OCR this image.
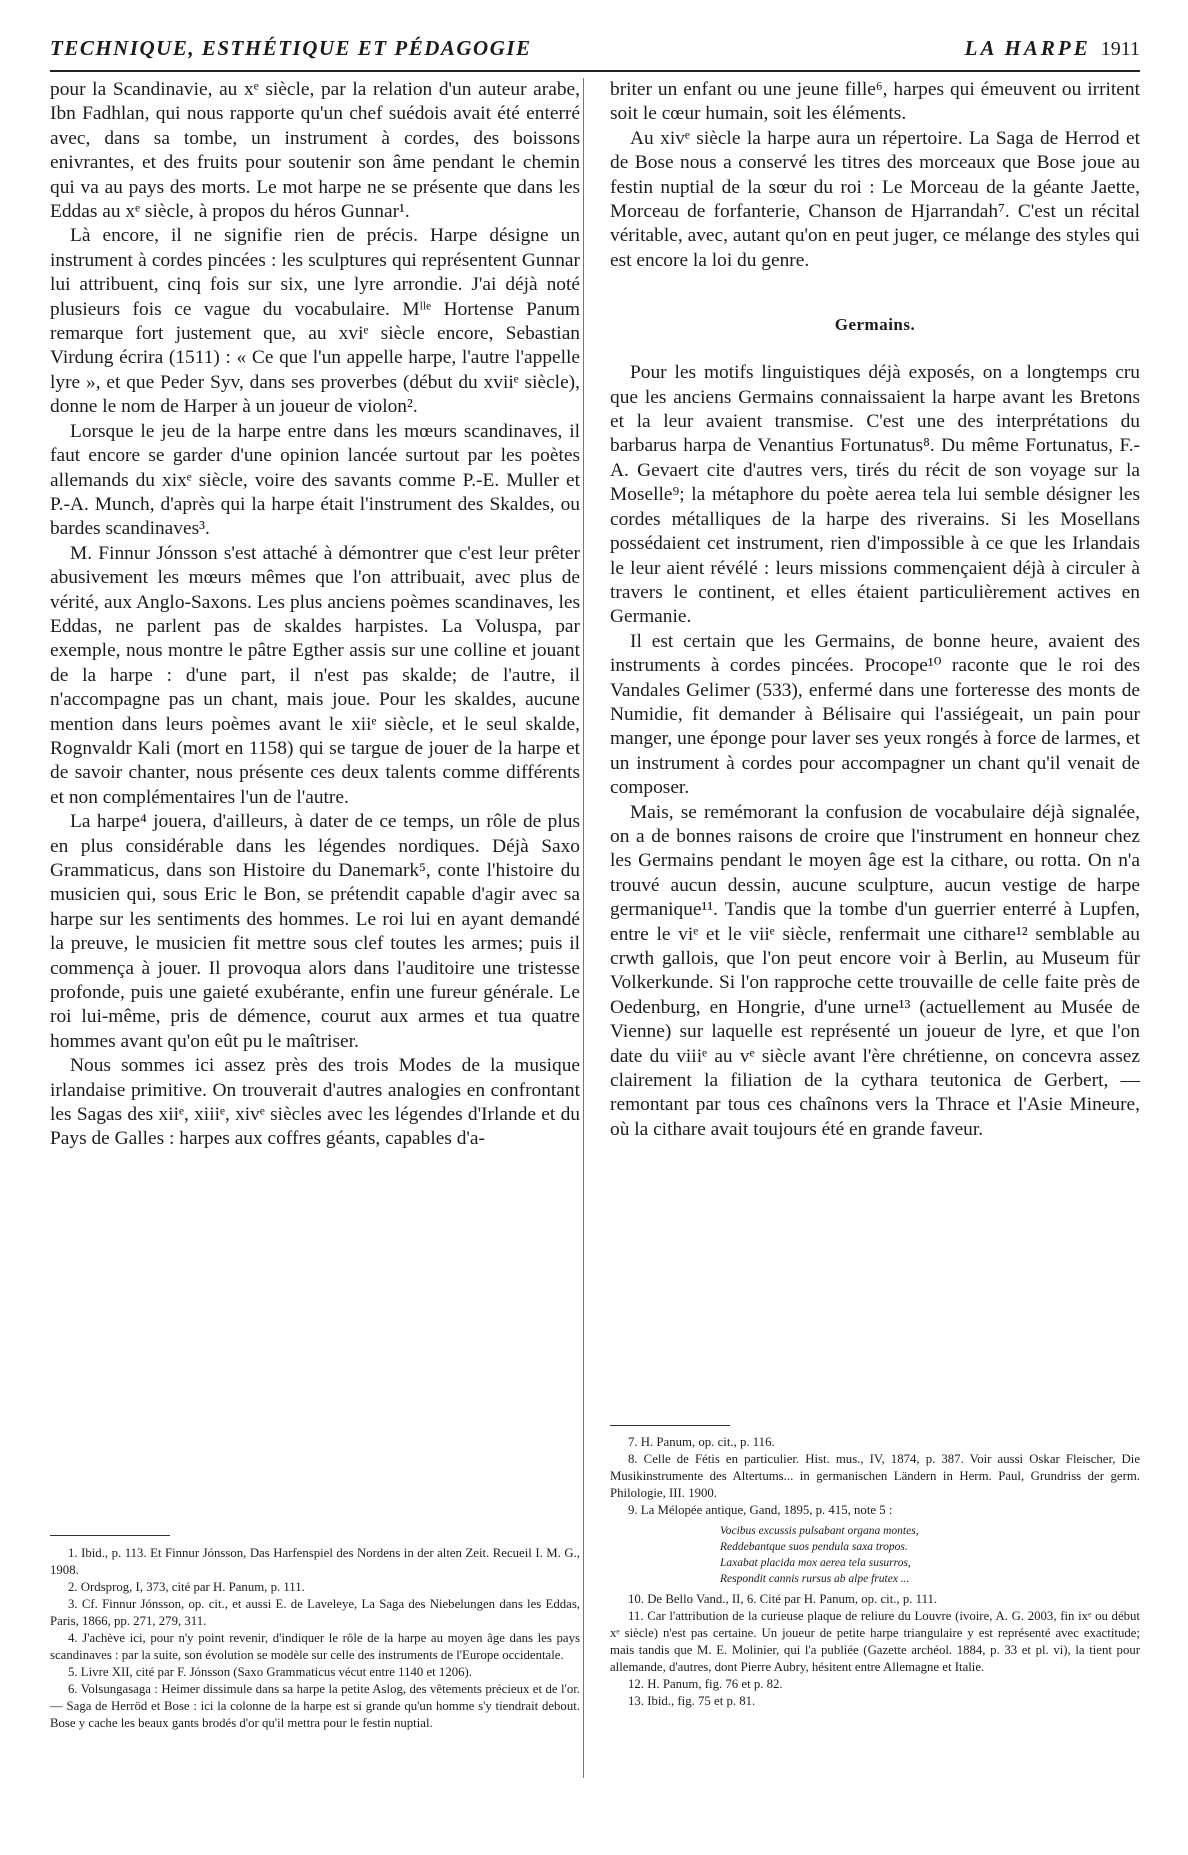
TECHNIQUE, ESTHÉTIQUE ET PÉDAGOGIE	LA HARPE 1911

pour la Scandinavie, au xᵉ siècle, par la relation d'un auteur arabe, Ibn Fadhlan, qui nous rapporte qu'un chef suédois avait été enterré avec, dans sa tombe, un instrument à cordes, des boissons enivrantes, et des fruits pour soutenir son âme pendant le chemin qui va au pays des morts. Le mot harpe ne se présente que dans les Eddas au xᵉ siècle, à propos du héros Gunnar¹.

Là encore, il ne signifie rien de précis. Harpe désigne un instrument à cordes pincées : les sculptures qui représentent Gunnar lui attribuent, cinq fois sur six, une lyre arrondie. J'ai déjà noté plusieurs fois ce vague du vocabulaire. Mˡˡᵉ Hortense Panum remarque fort justement que, au xviᵉ siècle encore, Sebastian Virdung écrira (1511) : « Ce que l'un appelle harpe, l'autre l'appelle lyre », et que Peder Syv, dans ses proverbes (début du xviiᵉ siècle), donne le nom de Harper à un joueur de violon².

Lorsque le jeu de la harpe entre dans les mœurs scandinaves, il faut encore se garder d'une opinion lancée surtout par les poètes allemands du xixᵉ siècle, voire des savants comme P.-E. Muller et P.-A. Munch, d'après qui la harpe était l'instrument des Skaldes, ou bardes scandinaves³.

M. Finnur Jónsson s'est attaché à démontrer que c'est leur prêter abusivement les mœurs mêmes que l'on attribuait, avec plus de vérité, aux Anglo-Saxons. Les plus anciens poèmes scandinaves, les Eddas, ne parlent pas de skaldes harpistes. La Voluspa, par exemple, nous montre le pâtre Egther assis sur une colline et jouant de la harpe : d'une part, il n'est pas skalde; de l'autre, il n'accompagne pas un chant, mais joue. Pour les skaldes, aucune mention dans leurs poèmes avant le xiiᵉ siècle, et le seul skalde, Rognvaldr Kali (mort en 1158) qui se targue de jouer de la harpe et de savoir chanter, nous présente ces deux talents comme différents et non complémentaires l'un de l'autre.

La harpe⁴ jouera, d'ailleurs, à dater de ce temps, un rôle de plus en plus considérable dans les légendes nordiques. Déjà Saxo Grammaticus, dans son Histoire du Danemark⁵, conte l'histoire du musicien qui, sous Eric le Bon, se prétendit capable d'agir avec sa harpe sur les sentiments des hommes. Le roi lui en ayant demandé la preuve, le musicien fit mettre sous clef toutes les armes; puis il commença à jouer. Il provoqua alors dans l'auditoire une tristesse profonde, puis une gaieté exubérante, enfin une fureur générale. Le roi lui-même, pris de démence, courut aux armes et tua quatre hommes avant qu'on eût pu le maîtriser.

Nous sommes ici assez près des trois Modes de la musique irlandaise primitive. On trouverait d'autres analogies en confrontant les Sagas des xiiᵉ, xiiiᵉ, xivᵉ siècles avec les légendes d'Irlande et du Pays de Galles : harpes aux coffres géants, capables d'a-

briter un enfant ou une jeune fille⁶, harpes qui émeuvent ou irritent soit le cœur humain, soit les éléments.

Au xivᵉ siècle la harpe aura un répertoire. La Saga de Herrod et de Bose nous a conservé les titres des morceaux que Bose joue au festin nuptial de la sœur du roi : Le Morceau de la géante Jaette, Morceau de forfanterie, Chanson de Hjarrandah⁷. C'est un récital véritable, avec, autant qu'on en peut juger, ce mélange des styles qui est encore la loi du genre.

Germains.

Pour les motifs linguistiques déjà exposés, on a longtemps cru que les anciens Germains connaissaient la harpe avant les Bretons et la leur avaient transmise. C'est une des interprétations du barbarus harpa de Venantius Fortunatus⁸. Du même Fortunatus, F.-A. Gevaert cite d'autres vers, tirés du récit de son voyage sur la Moselle⁹; la métaphore du poète aerea tela lui semble désigner les cordes métalliques de la harpe des riverains. Si les Mosellans possédaient cet instrument, rien d'impossible à ce que les Irlandais le leur aient révélé : leurs missions commençaient déjà à circuler à travers le continent, et elles étaient particulièrement actives en Germanie.

Il est certain que les Germains, de bonne heure, avaient des instruments à cordes pincées. Procope¹⁰ raconte que le roi des Vandales Gelimer (533), enfermé dans une forteresse des monts de Numidie, fit demander à Bélisaire qui l'assiégeait, un pain pour manger, une éponge pour laver ses yeux rongés à force de larmes, et un instrument à cordes pour accompagner un chant qu'il venait de composer.

Mais, se remémorant la confusion de vocabulaire déjà signalée, on a de bonnes raisons de croire que l'instrument en honneur chez les Germains pendant le moyen âge est la cithare, ou rotta. On n'a trouvé aucun dessin, aucune sculpture, aucun vestige de harpe germanique¹¹. Tandis que la tombe d'un guerrier enterré à Lupfen, entre le viᵉ et le viiᵉ siècle, renfermait une cithare¹² semblable au crwth gallois, que l'on peut encore voir à Berlin, au Museum für Volkerkunde. Si l'on rapproche cette trouvaille de celle faite près de Oedenburg, en Hongrie, d'une urne¹³ (actuellement au Musée de Vienne) sur laquelle est représenté un joueur de lyre, et que l'on date du viiiᵉ au vᵉ siècle avant l'ère chrétienne, on concevra assez clairement la filiation de la cythara teutonica de Gerbert, — remontant par tous ces chaînons vers la Thrace et l'Asie Mineure, où la cithare avait toujours été en grande faveur.

1. Ibid., p. 113. Et Finnur Jónsson, Das Harfenspiel des Nordens in der alten Zeit. Recueil I. M. G., 1908.

2. Ordsprog, I, 373, cité par H. Panum, p. 111.

3. Cf. Finnur Jónsson, op. cit., et aussi E. de Laveleye, La Saga des Niebelungen dans les Eddas, Paris, 1866, pp. 271, 279, 311.

4. J'achève ici, pour n'y point revenir, d'indiquer le rôle de la harpe au moyen âge dans les pays scandinaves : par la suite, son évolution se modèle sur celle des instruments de l'Europe occidentale.

5. Livre XII, cité par F. Jónsson (Saxo Grammaticus vécut entre 1140 et 1206).

6. Volsungasaga : Heimer dissimule dans sa harpe la petite Aslog, des vêtements précieux et de l'or. — Saga de Herröd et Bose : ici la colonne de la harpe est si grande qu'un homme s'y tiendrait debout. Bose y cache les beaux gants brodés d'or qu'il mettra pour le festin nuptial.

7. H. Panum, op. cit., p. 116.

8. Celle de Fétis en particulier. Hist. mus., IV, 1874, p. 387. Voir aussi Oskar Fleischer, Die Musikinstrumente des Altertums... in germanischen Ländern in Herm. Paul, Grundriss der germ. Philologie, III. 1900.

9. La Mélopée antique, Gand, 1895, p. 415, note 5 :

Vocibus excussis pulsabant organa montes,
Reddebantque suos pendula saxa tropos.
Laxabat placida mox aerea tela susurros,
Respondit cannis rursus ab alpe frutex ...

10. De Bello Vand., II, 6. Cité par H. Panum, op. cit., p. 111.

11. Car l'attribution de la curieuse plaque de reliure du Louvre (ivoire, A. G. 2003, fin ixᵉ ou début xᵉ siècle) n'est pas certaine. Un joueur de petite harpe triangulaire y est représenté avec exactitude; mais tandis que M. E. Molinier, qui l'a publiée (Gazette archéol. 1884, p. 33 et pl. vi), la tient pour allemande, d'autres, dont Pierre Aubry, hésitent entre Allemagne et Italie.

12. H. Panum, fig. 76 et p. 82.

13. Ibid., fig. 75 et p. 81.
